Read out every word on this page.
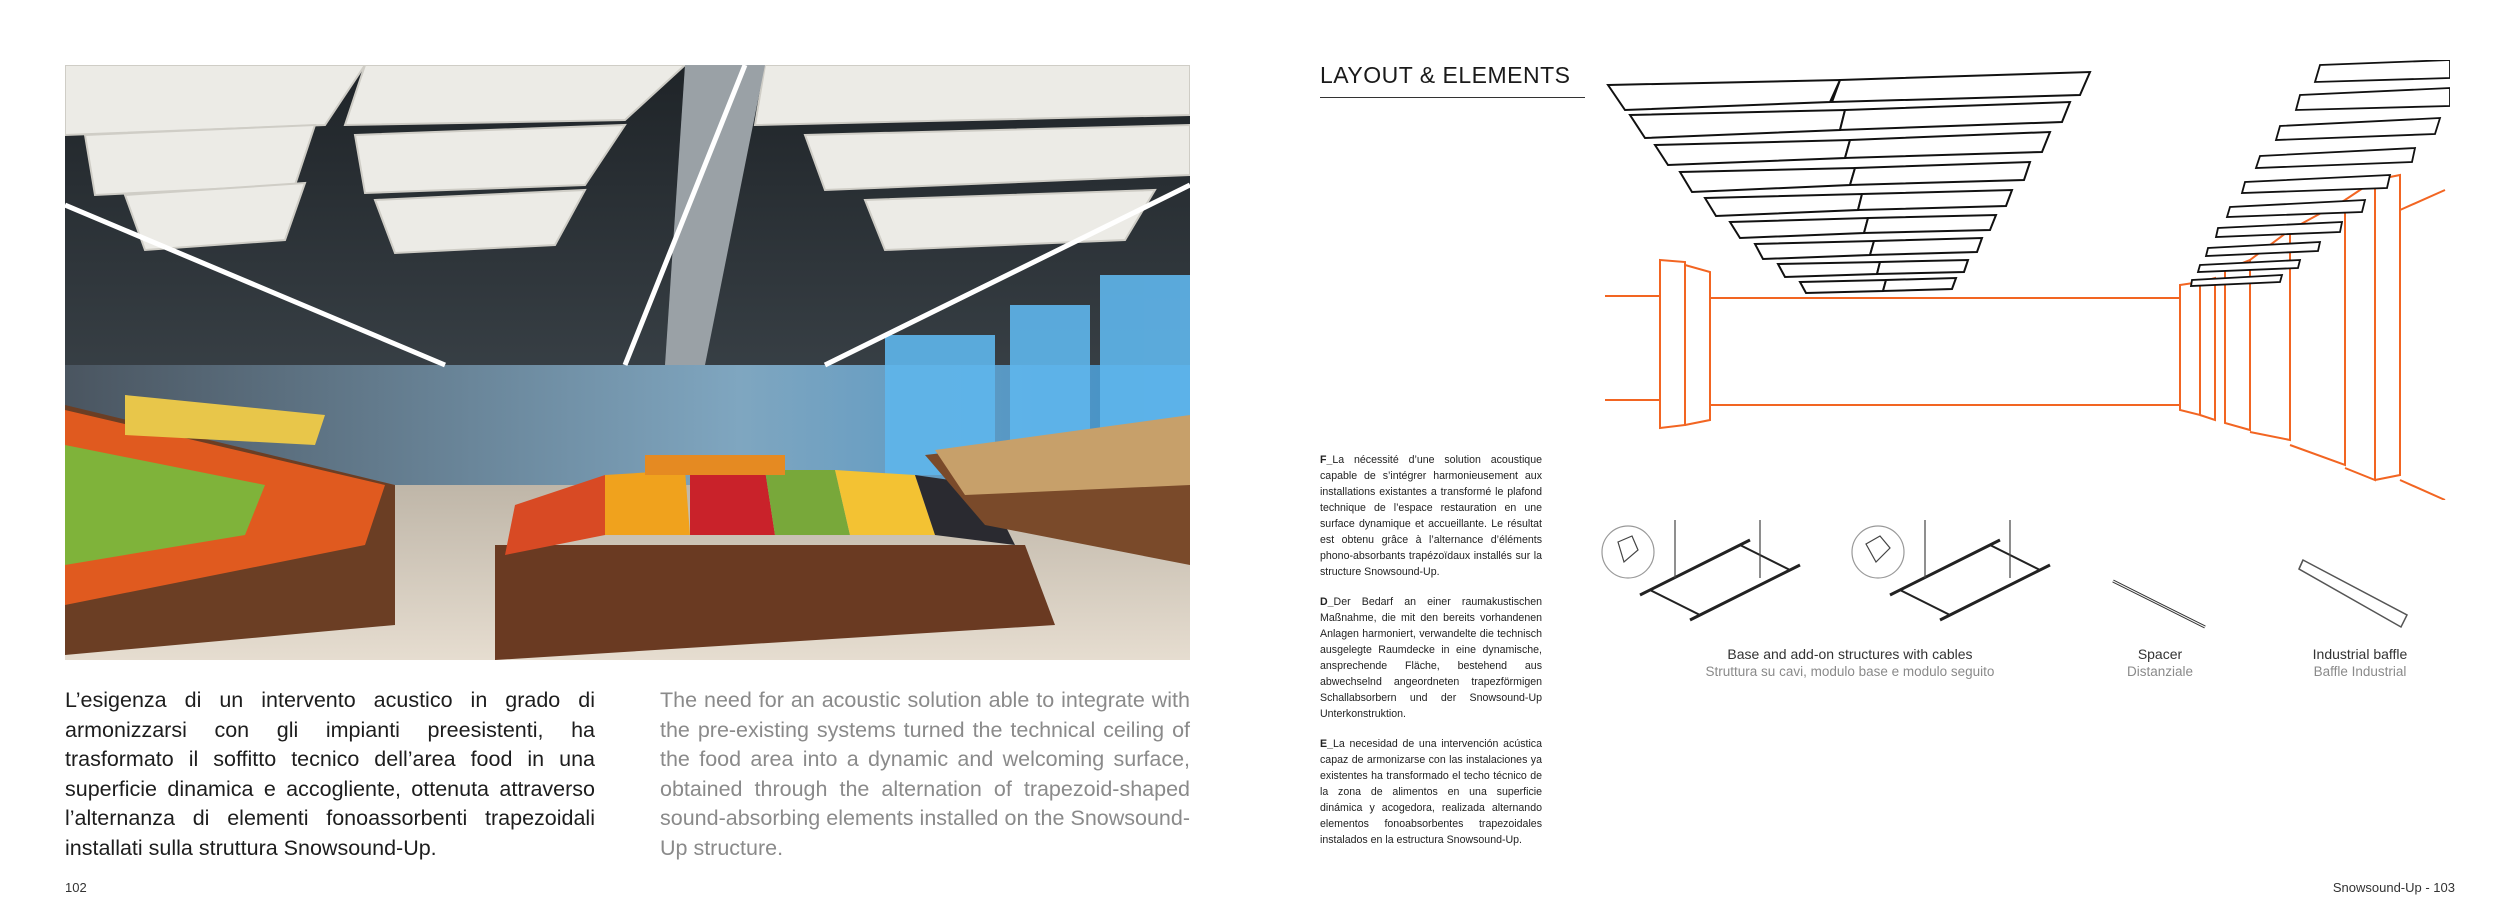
L’esigenza di un intervento acustico in grado di armonizzarsi con gli impianti preesistenti, ha trasformato il soffitto tecnico dell’area food in una superficie dinamica e accogliente, ottenuta attraverso l’alternanza di elementi fonoassorbenti trapezoidali installati sulla struttura Snowsound-Up.

The need for an acoustic solution able to integrate with the pre-existing systems turned the technical ceiling of the food area into a dynamic and welcoming surface, obtained through the alternation of trapezoid-shaped sound-absorbing elements installed on the Snowsound-Up structure.

102
LAYOUT & ELEMENTS

F_La nécessité d’une solution acoustique capable de s’intégrer harmonieusement aux installations existantes a transformé le plafond technique de l’espace restauration en une surface dynamique et accueillante. Le résultat est obtenu grâce à l’alternance d’éléments phono-absorbants trapézoïdaux installés sur la structure Snowsound-Up.

D_Der Bedarf an einer raumakustischen Maßnahme, die mit den bereits vorhandenen Anlagen harmoniert, verwandelte die technisch ausgelegte Raumdecke in eine dynamische, ansprechende Fläche, bestehend aus abwechselnd angeordneten trapezförmigen Schallabsorbern und der Snowsound-Up Unterkonstruktion.

E_La necesidad de una intervención acústica capaz de armonizarse con las instalaciones ya existentes ha transformado el techo técnico de la zona de alimentos en una superficie dinámica y acogedora, realizada alternando elementos fonoabsorbentes trapezoidales instalados en la estructura Snowsound-Up.

Base and add-on structures with cables
Struttura su cavi, modulo base e modulo seguito
Spacer
Distanziale
Industrial baffle
Baffle Industrial
Snowsound-Up - 103
